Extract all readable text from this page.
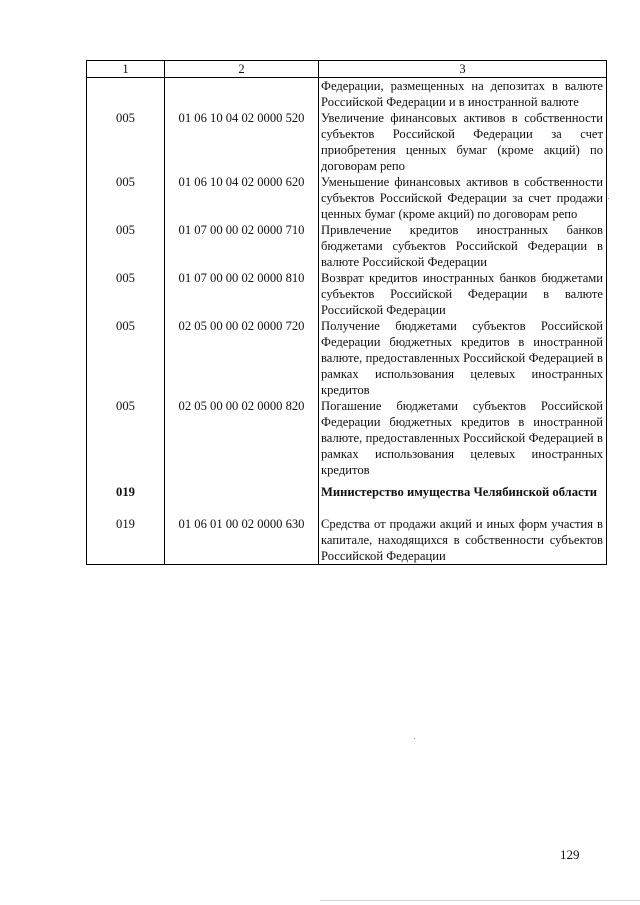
1	2	3
		Федерации, размещенных на депозитах в валюте Российской Федерации и в иностранной валюте
005	01 06 10 04 02 0000 520	Увеличение финансовых активов в собственности субъектов Российской Федерации за счет приобретения ценных бумаг (кроме акций) по договорам репо
005	01 06 10 04 02 0000 620	Уменьшение финансовых активов в собственности субъектов Российской Федерации за счет продажи ценных бумаг (кроме акций) по договорам репо
005	01 07 00 00 02 0000 710	Привлечение кредитов иностранных банков бюджетами субъектов Российской Федерации в валюте Российской Федерации
005	01 07 00 00 02 0000 810	Возврат кредитов иностранных банков бюджетами субъектов Российской Федерации в валюте Российской Федерации
005	02 05 00 00 02 0000 720	Получение бюджетами субъектов Российской Федерации бюджетных кредитов в иностранной валюте, предоставленных Российской Федерацией в рамках использования целевых иностранных кредитов
005	02 05 00 00 02 0000 820	Погашение бюджетами субъектов Российской Федерации бюджетных кредитов в иностранной валюте, предоставленных Российской Федерацией в рамках использования целевых иностранных кредитов
019		Министерство имущества Челябинской области
019	01 06 01 00 02 0000 630	Средства от продажи акций и иных форм участия в капитале, находящихся в собственности субъектов Российской Федерации
129
